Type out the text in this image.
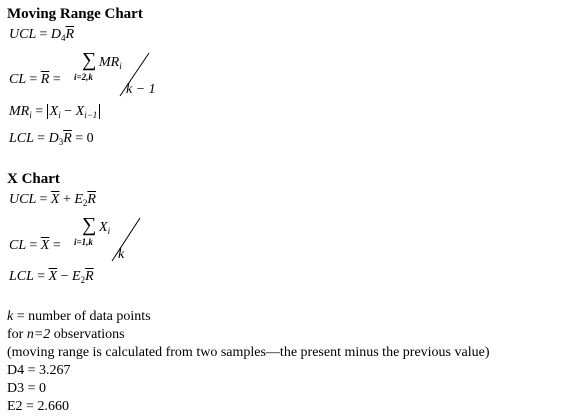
Moving Range Chart
UCL = $D_4\overline{R}$
CL = $\overline{R}$ =
∑
i=2,k
$MR_i$
k − 1
$MR_i = X_i - X_{i-1}$
LCL = $D_3\overline{R} = 0$
X Chart
UCL = $\overline{X} + E_2\overline{R}$
CL = $\overline{X}$ =
∑
i=1,k
$X_i$
k
LCL = $\overline{X} - E_2\overline{R}$
k = number of data points
for n=2 observations
(moving range is calculated from two samples—the present minus the previous value)
D4 = 3.267
D3 = 0
E2 = 2.660
